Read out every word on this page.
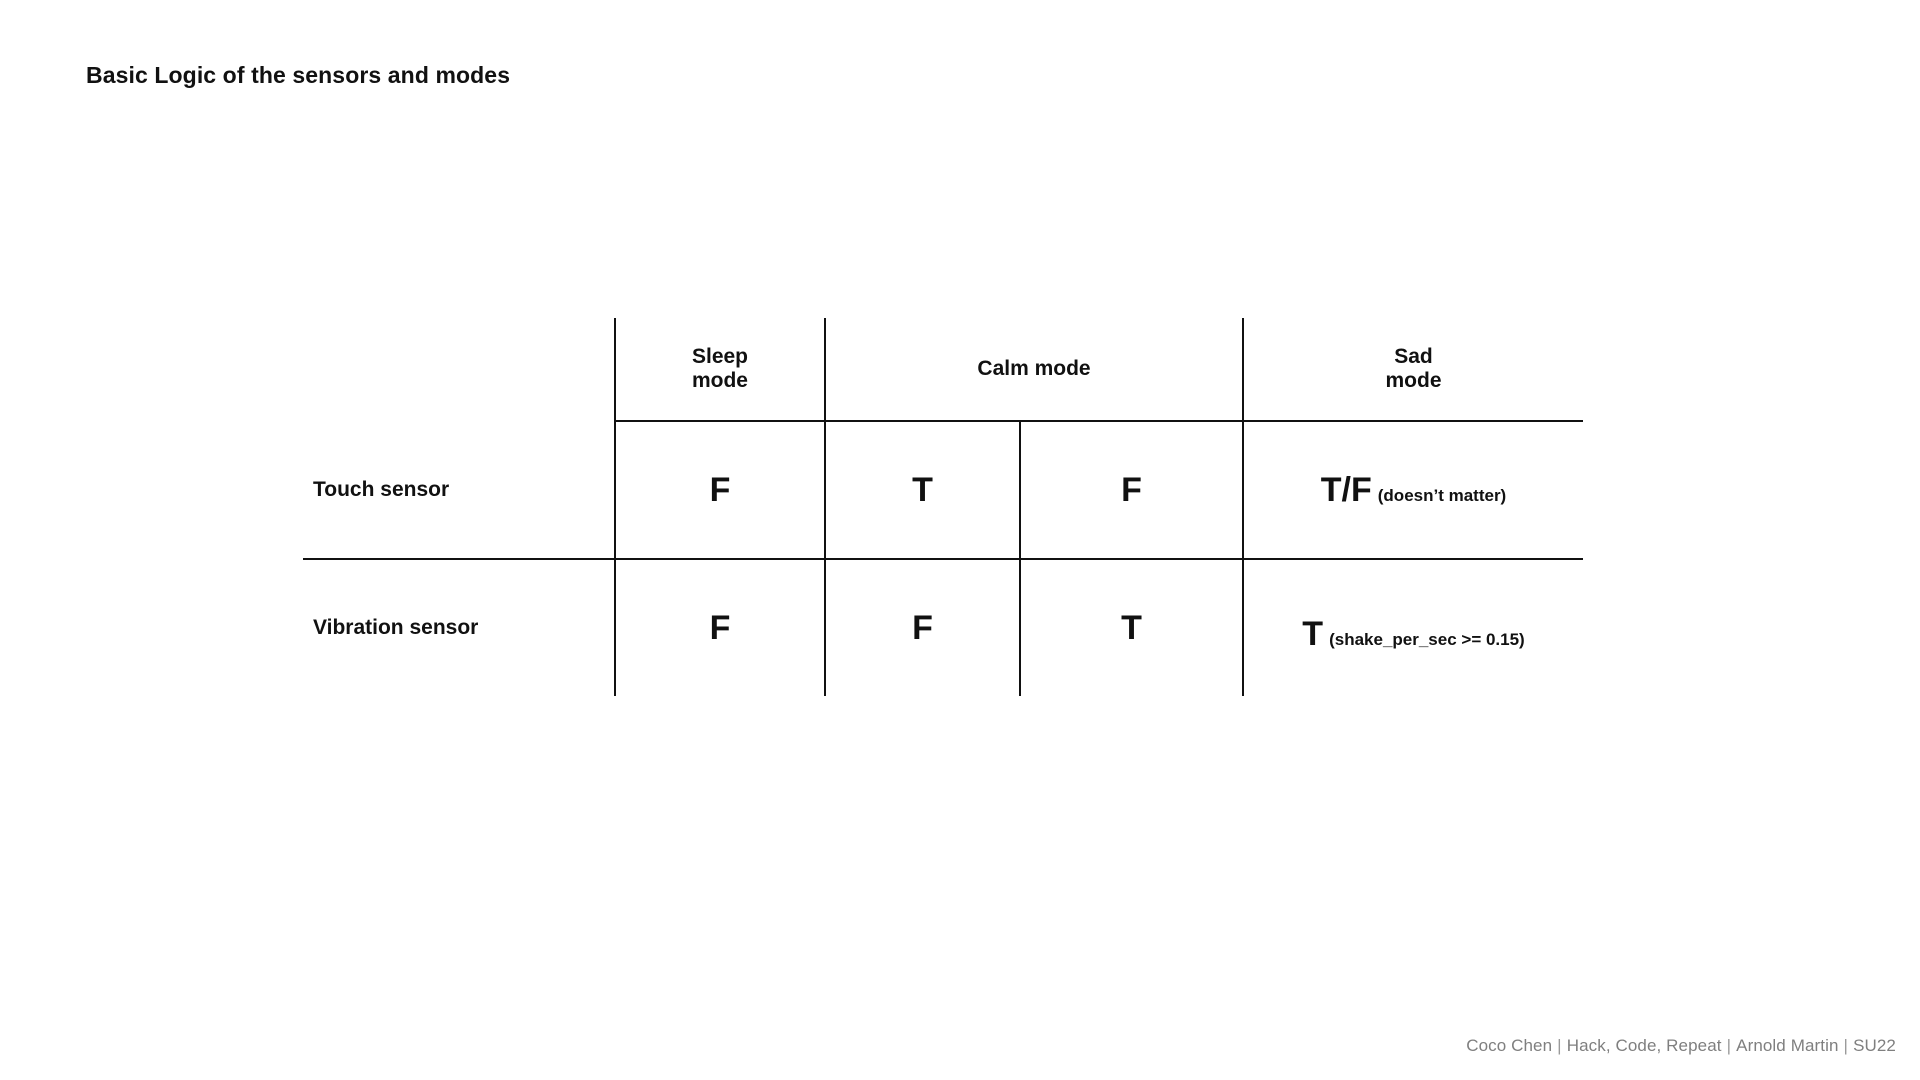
Basic Logic of the sensors and modes

Sleep
mode

Calm mode

Sad
mode

Touch sensor	F	T	F	T/F (doesn’t matter)
Vibration sensor	F	F	T	T (shake_per_sec >= 0.15)
Coco Chen | Hack, Code, Repeat | Arnold Martin | SU22
